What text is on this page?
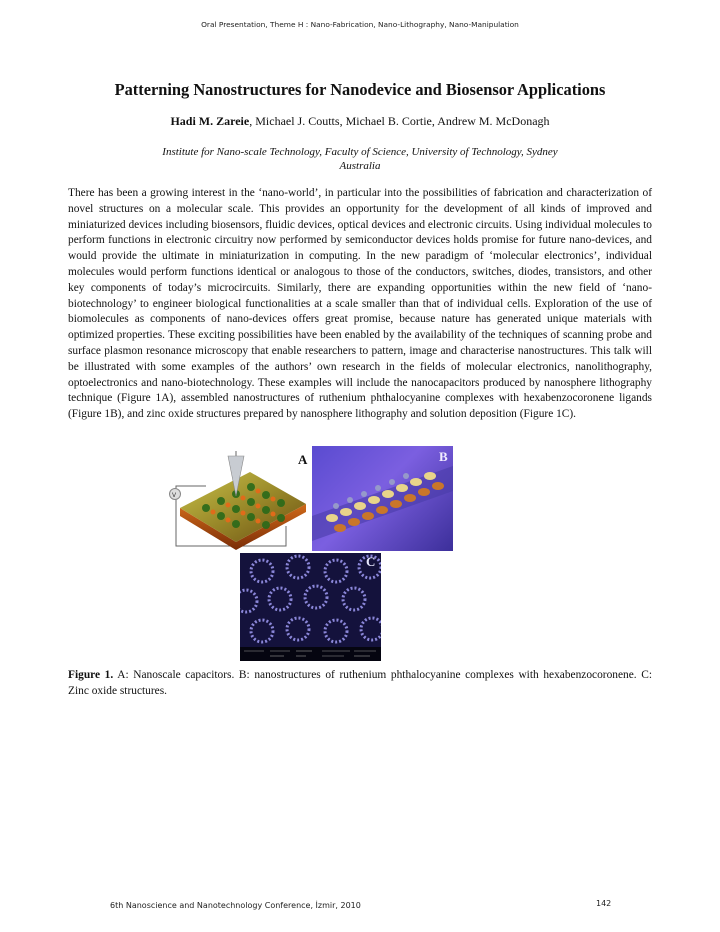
Oral Presentation, Theme H : Nano-Fabrication, Nano-Lithography, Nano-Manipulation
Patterning Nanostructures for Nanodevice and Biosensor Applications
Hadi M. Zareie, Michael J. Coutts, Michael B. Cortie, Andrew M. McDonagh
Institute for Nano-scale Technology, Faculty of Science, University of Technology, Sydney
Australia

There has been a growing interest in the ‘nano-world’, in particular into the possibilities of fabrication and characterization of novel structures on a molecular scale. This provides an opportunity for the development of all kinds of improved and miniaturized devices including biosensors, fluidic devices, optical devices and electronic circuits. Using individual molecules to perform functions in electronic circuitry now performed by semiconductor devices holds promise for future nano-devices, and would provide the ultimate in miniaturization in computing. In the new paradigm of ‘molecular electronics’, individual molecules would perform functions identical or analogous to those of the conductors, switches, diodes, transistors, and other key components of today’s microcircuits. Similarly, there are expanding opportunities within the new field of ‘nano-biotechnology’ to engineer biological functionalities at a scale smaller than that of individual cells. Exploration of the use of biomolecules as components of nano-devices offers great promise, because nature has generated unique materials with optimized properties. These exciting possibilities have been enabled by the availability of the techniques of scanning probe and surface plasmon resonance microscopy that enable researchers to pattern, image and characterise nanostructures. This talk will be illustrated with some examples of the authors’ own research in the fields of molecular electronics, nanolithography, optoelectronics and nano-biotechnology. These examples will include the nanocapacitors produced by nanosphere lithography technique (Figure 1A), assembled nanostructures of ruthenium phthalocyanine complexes with hexabenzocoronene ligands (Figure 1B), and zinc oxide structures prepared by nanosphere lithography and solution deposition (Figure 1C).

V
A	B
C

Figure 1. A: Nanoscale capacitors. B: nanostructures of ruthenium phthalocyanine complexes with hexabenzocoronene. C: Zinc oxide structures.

6th Nanoscience and Nanotechnology Conference, İzmir, 2010	142
